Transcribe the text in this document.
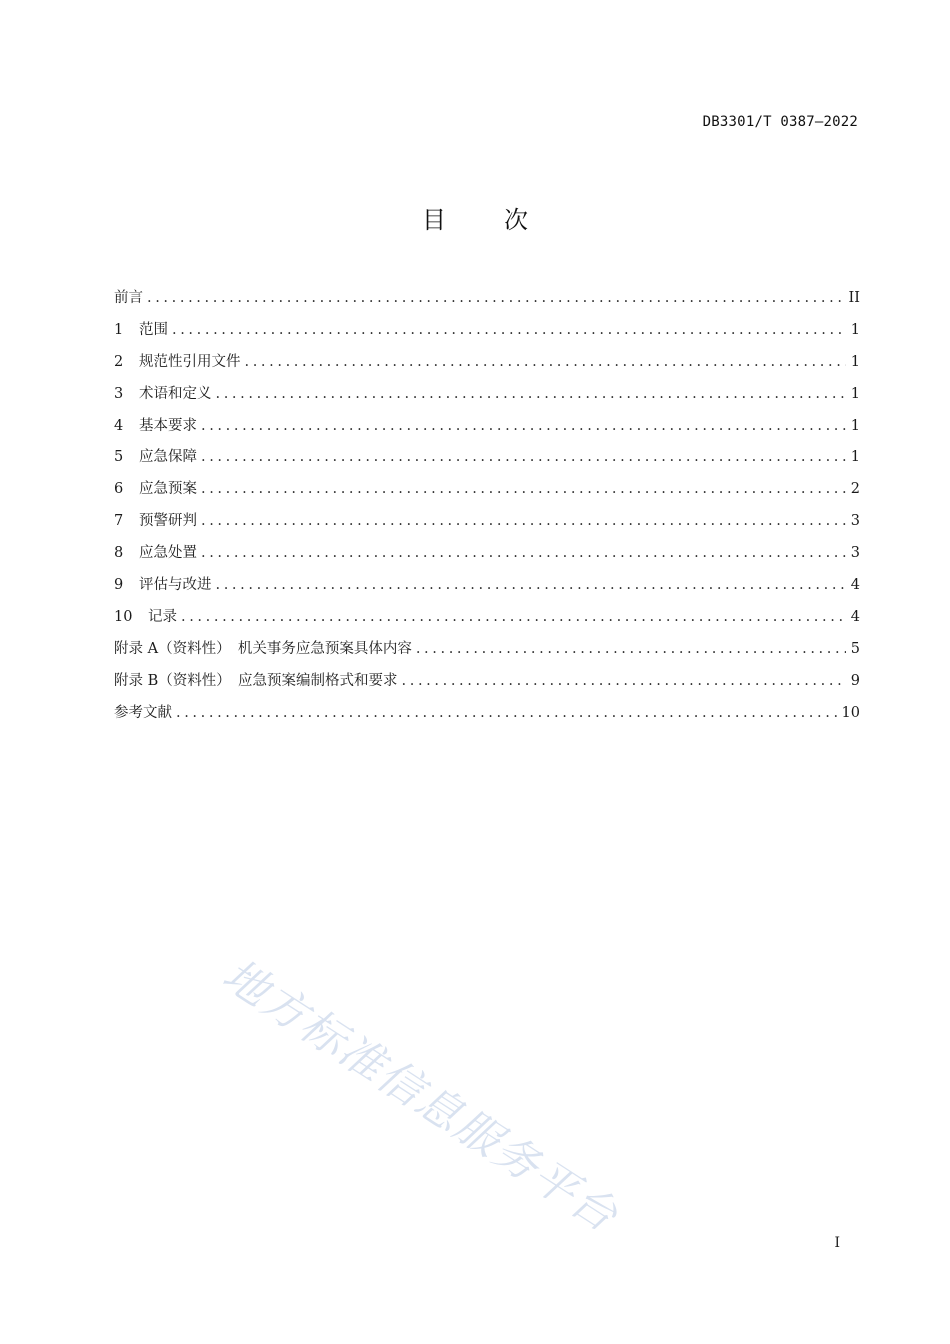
DB3301/T 0387—2022
目 次
前言 . . .	II
1	范围 . . .	1
2	规范性引用文件 . . .	1
3	术语和定义 . . .	1
4	基本要求 . . .	1
5	应急保障 . . .	1
6	应急预案 . . .	2
7	预警研判 . . .	3
8	应急处置 . . .	3
9	评估与改进 . . .	4
10	记录 . . .	4
附录 A（资料性）　机关事务应急预案具体内容 . . .	5
附录 B（资料性）　应急预案编制格式和要求 . . .	9
参考文献 . . .	10
地方标准信息服务平台
I
